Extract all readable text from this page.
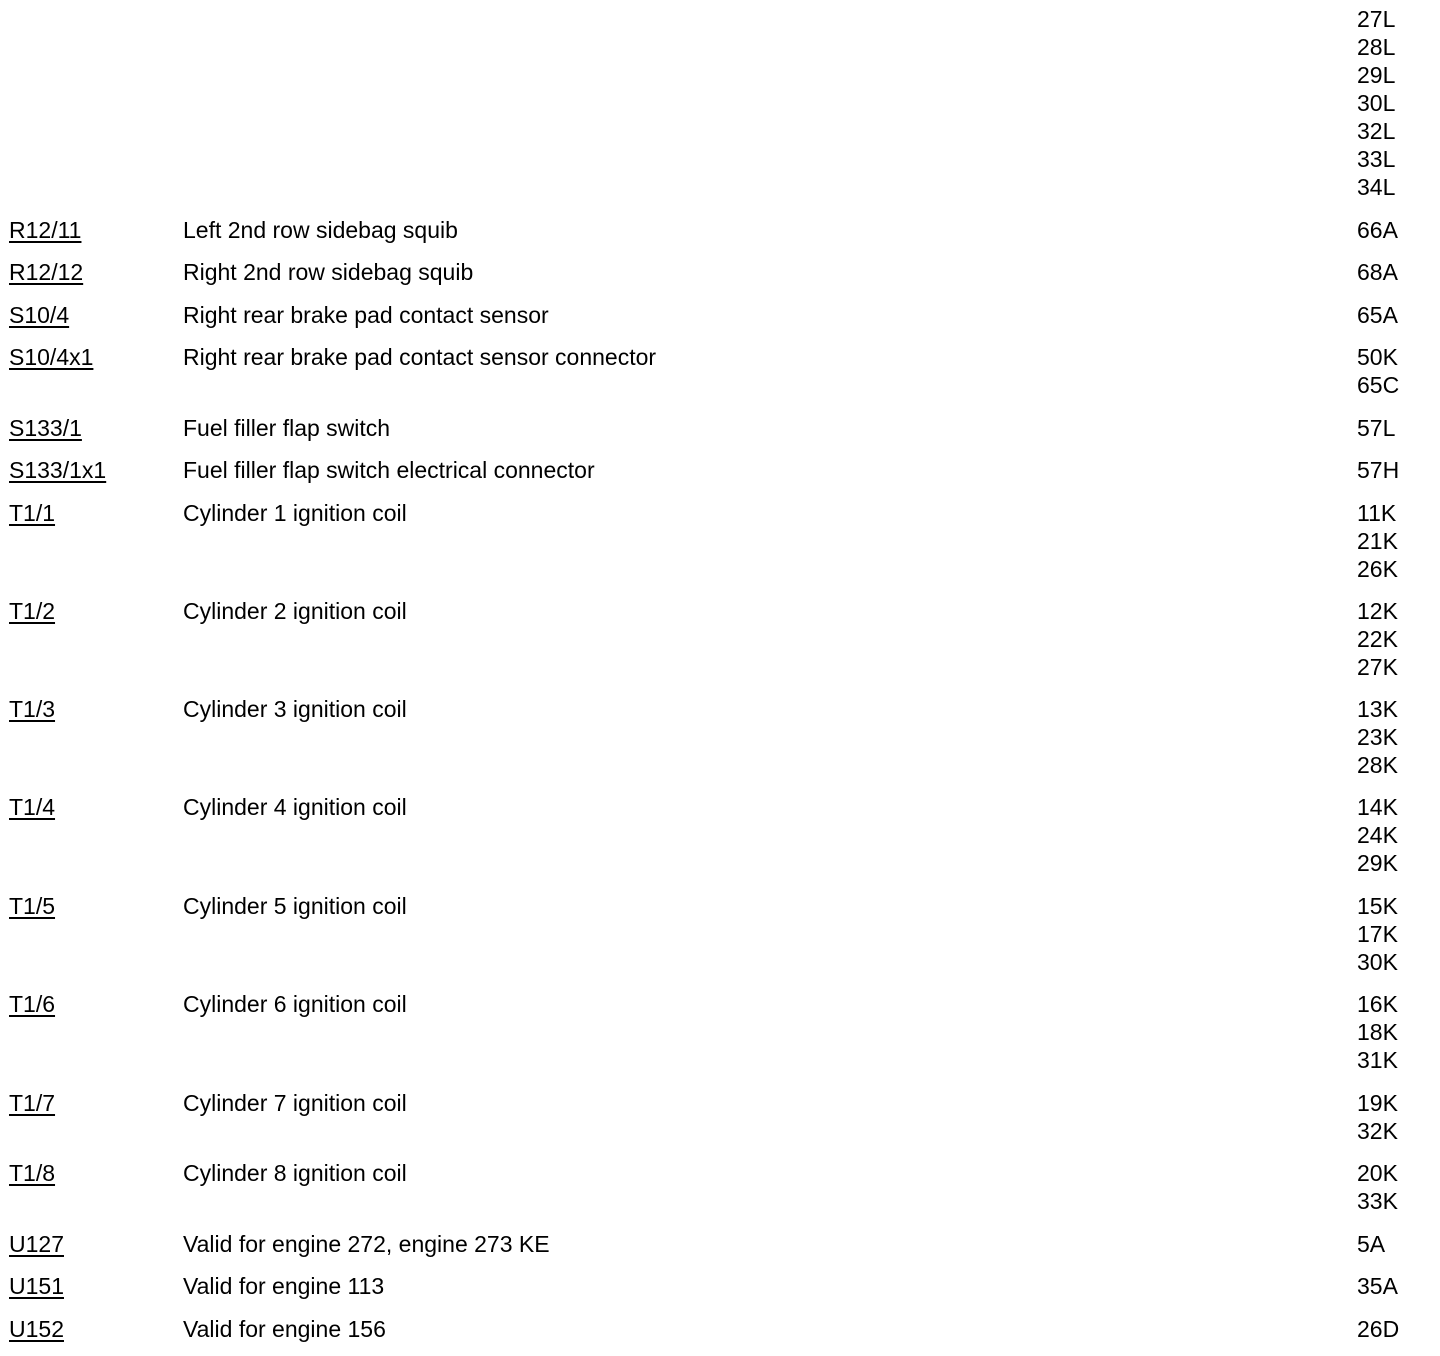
27L
28L
29L
30L
32L
33L
34L
R12/11	Left 2nd row sidebag squib	66A
R12/12	Right 2nd row sidebag squib	68A
S10/4	Right rear brake pad contact sensor	65A
S10/4x1	Right rear brake pad contact sensor connector	50K
65C
S133/1	Fuel filler flap switch	57L
S133/1x1	Fuel filler flap switch electrical connector	57H
T1/1	Cylinder 1 ignition coil	11K
21K
26K
T1/2	Cylinder 2 ignition coil	12K
22K
27K
T1/3	Cylinder 3 ignition coil	13K
23K
28K
T1/4	Cylinder 4 ignition coil	14K
24K
29K
T1/5	Cylinder 5 ignition coil	15K
17K
30K
T1/6	Cylinder 6 ignition coil	16K
18K
31K
T1/7	Cylinder 7 ignition coil	19K
32K
T1/8	Cylinder 8 ignition coil	20K
33K
U127	Valid for engine 272, engine 273 KE	5A
U151	Valid for engine 113	35A
U152	Valid for engine 156	26D
